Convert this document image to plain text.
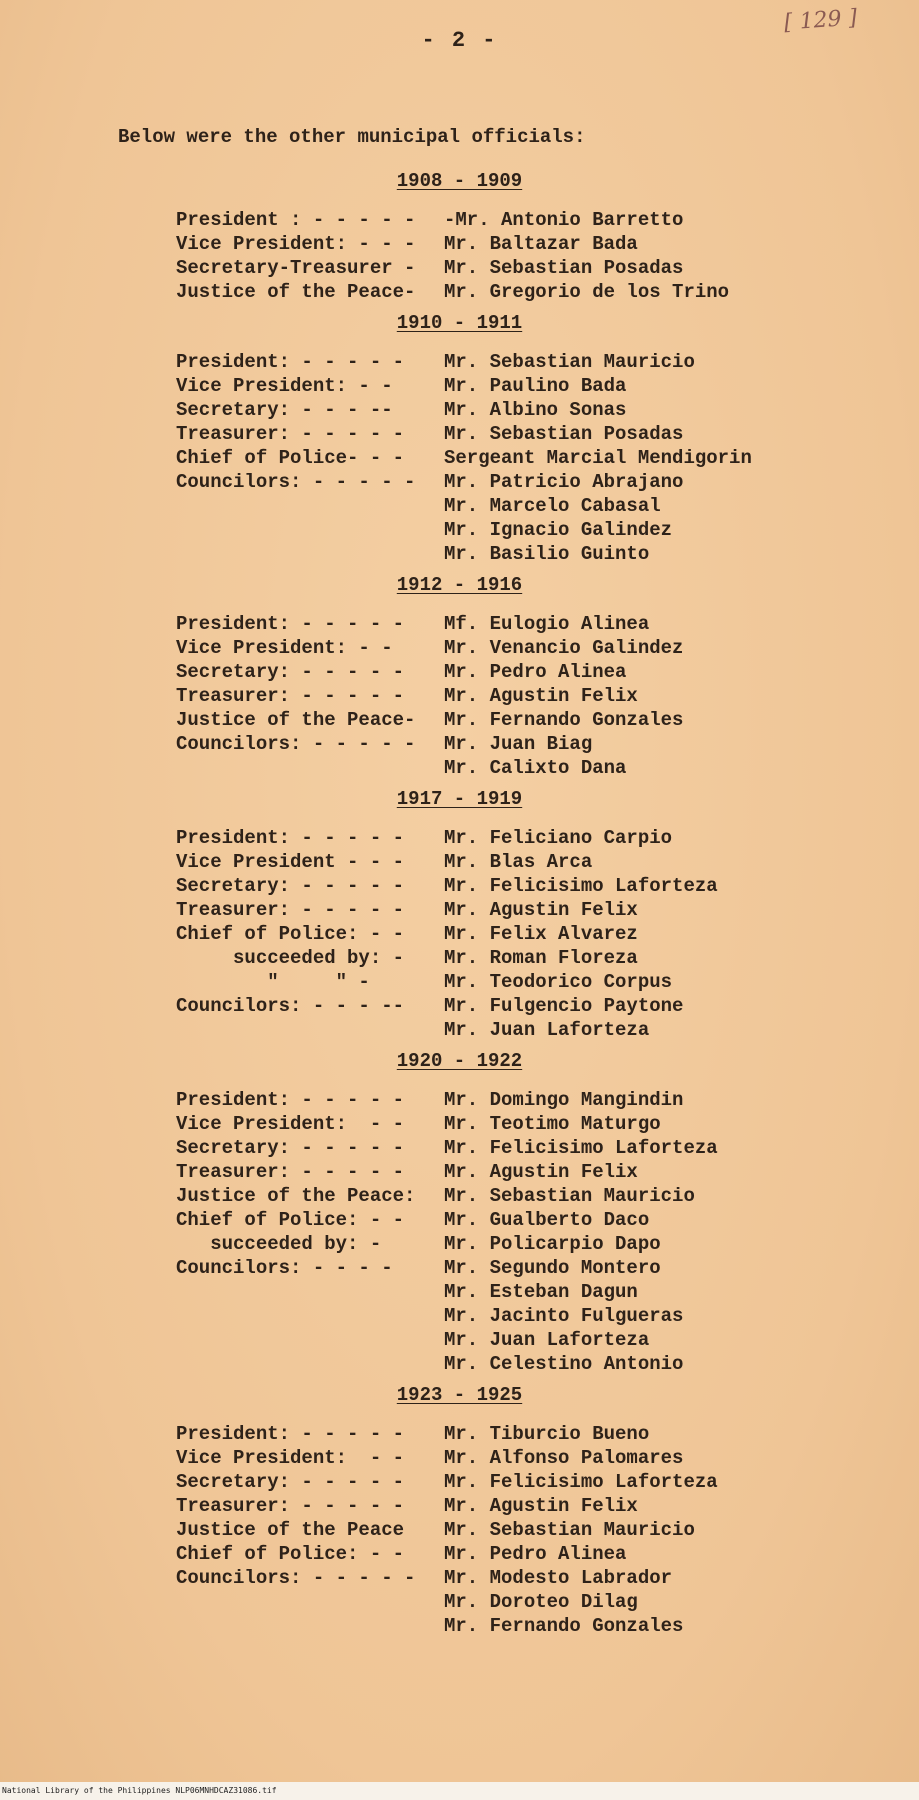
- 2 -
[ 129 ]
Below were the other municipal officials:
1908 - 1909
President : - - - - -	-Mr. Antonio Barretto
Vice President: - - -	Mr. Baltazar Bada
Secretary-Treasurer -	Mr. Sebastian Posadas
Justice of the Peace-	Mr. Gregorio de los Trino
1910 - 1911
President: - - - - -	Mr. Sebastian Mauricio
Vice President: - -	Mr. Paulino Bada
Secretary: - - - --	Mr. Albino Sonas
Treasurer: - - - - -	Mr. Sebastian Posadas
Chief of Police- - -	Sergeant Marcial Mendigorin
Councilors: - - - - -	Mr. Patricio Abrajano
Mr. Marcelo Cabasal
Mr. Ignacio Galindez
Mr. Basilio Guinto
1912 - 1916
President: - - - - -	Mf. Eulogio Alinea
Vice President: - -	Mr. Venancio Galindez
Secretary: - - - - -	Mr. Pedro Alinea
Treasurer: - - - - -	Mr. Agustin Felix
Justice of the Peace-	Mr. Fernando Gonzales
Councilors: - - - - -	Mr. Juan Biag
Mr. Calixto Dana
1917 - 1919
President: - - - - -	Mr. Feliciano Carpio
Vice President - - -	Mr. Blas Arca
Secretary: - - - - -	Mr. Felicisimo Laforteza
Treasurer: - - - - -	Mr. Agustin Felix
Chief of Police: - -	Mr. Felix Alvarez
succeeded by: -	Mr. Roman Floreza
"     " -	Mr. Teodorico Corpus
Councilors: - - - --	Mr. Fulgencio Paytone
Mr. Juan Laforteza
1920 - 1922
President: - - - - -	Mr. Domingo Mangindin
Vice President:  - -	Mr. Teotimo Maturgo
Secretary: - - - - -	Mr. Felicisimo Laforteza
Treasurer: - - - - -	Mr. Agustin Felix
Justice of the Peace:	Mr. Sebastian Mauricio
Chief of Police: - -	Mr. Gualberto Daco
succeeded by: -	Mr. Policarpio Dapo
Councilors: - - - -	Mr. Segundo Montero
Mr. Esteban Dagun
Mr. Jacinto Fulgueras
Mr. Juan Laforteza
Mr. Celestino Antonio
1923 - 1925
President: - - - - -	Mr. Tiburcio Bueno
Vice President:  - -	Mr. Alfonso Palomares
Secretary: - - - - -	Mr. Felicisimo Laforteza
Treasurer: - - - - -	Mr. Agustin Felix
Justice of the Peace	Mr. Sebastian Mauricio
Chief of Police: - -	Mr. Pedro Alinea
Councilors: - - - - -	Mr. Modesto Labrador
Mr. Doroteo Dilag
Mr. Fernando Gonzales
National Library of the Philippines NLP06MNHDCAZ31086.tif
